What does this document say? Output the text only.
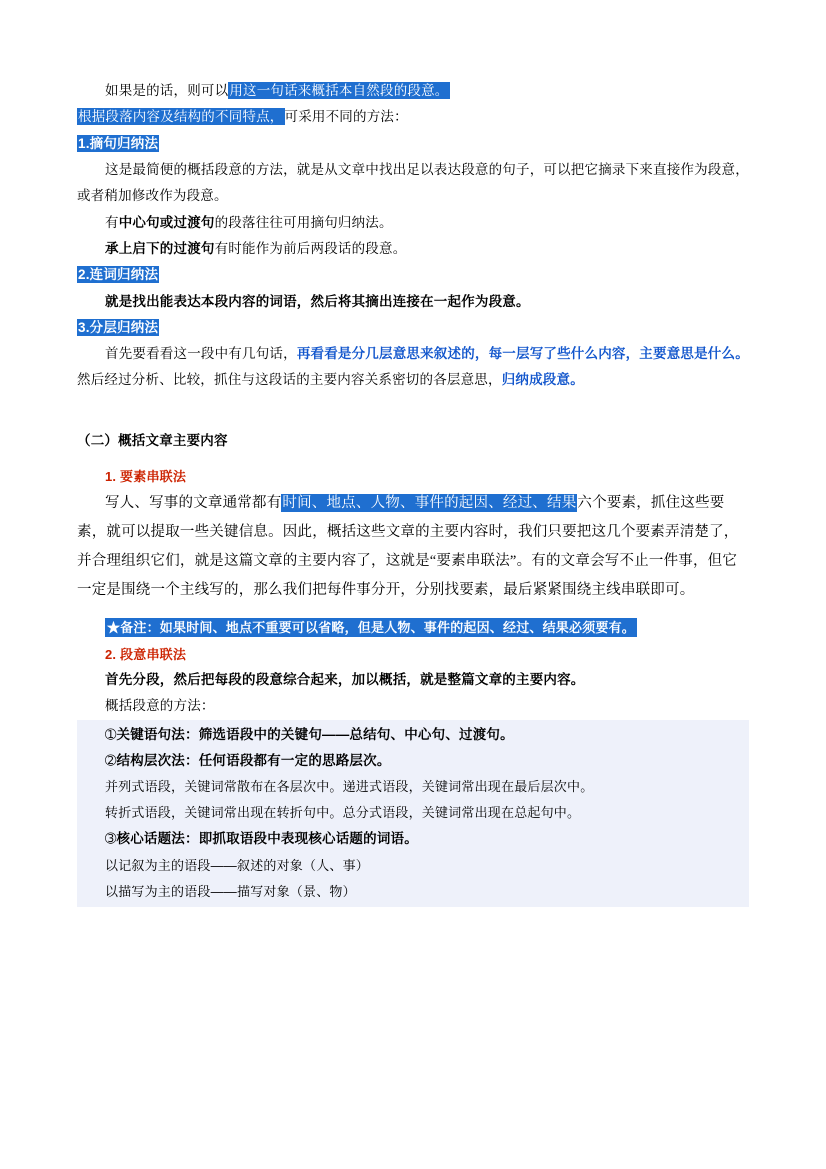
如果是的话，则可以用这一句话来概括本自然段的段意。

根据段落内容及结构的不同特点，可采用不同的方法：

1.摘句归纳法

这是最简便的概括段意的方法，就是从文章中找出足以表达段意的句子，可以把它摘录下来直接作为段意，或者稍加修改作为段意。

有中心句或过渡句的段落往往可用摘句归纳法。

承上启下的过渡句有时能作为前后两段话的段意。

2.连词归纳法

就是找出能表达本段内容的词语，然后将其摘出连接在一起作为段意。

3.分层归纳法

首先要看看这一段中有几句话，再看看是分几层意思来叙述的，每一层写了些什么内容，主要意思是什么。然后经过分析、比较，抓住与这段话的主要内容关系密切的各层意思，归纳成段意。

（二）概括文章主要内容

1. 要素串联法

写人、写事的文章通常都有时间、地点、人物、事件的起因、经过、结果六个要素，抓住这些要素，就可以提取一些关键信息。因此，概括这些文章的主要内容时，我们只要把这几个要素弄清楚了，并合理组织它们，就是这篇文章的主要内容了，这就是“要素串联法”。有的文章会写不止一件事，但它一定是围绕一个主线写的，那么我们把每件事分开，分别找要素，最后紧紧围绕主线串联即可。

★备注：如果时间、地点不重要可以省略，但是人物、事件的起因、经过、结果必须要有。

2. 段意串联法

首先分段，然后把每段的段意综合起来，加以概括，就是整篇文章的主要内容。

概括段意的方法：

➀关键语句法：筛选语段中的关键句——总结句、中心句、过渡句。

➁结构层次法：任何语段都有一定的思路层次。

并列式语段，关键词常散布在各层次中。递进式语段，关键词常出现在最后层次中。

转折式语段，关键词常出现在转折句中。总分式语段，关键词常出现在总起句中。

➂核心话题法：即抓取语段中表现核心话题的词语。

以记叙为主的语段——叙述的对象（人、事）

以描写为主的语段——描写对象（景、物）
